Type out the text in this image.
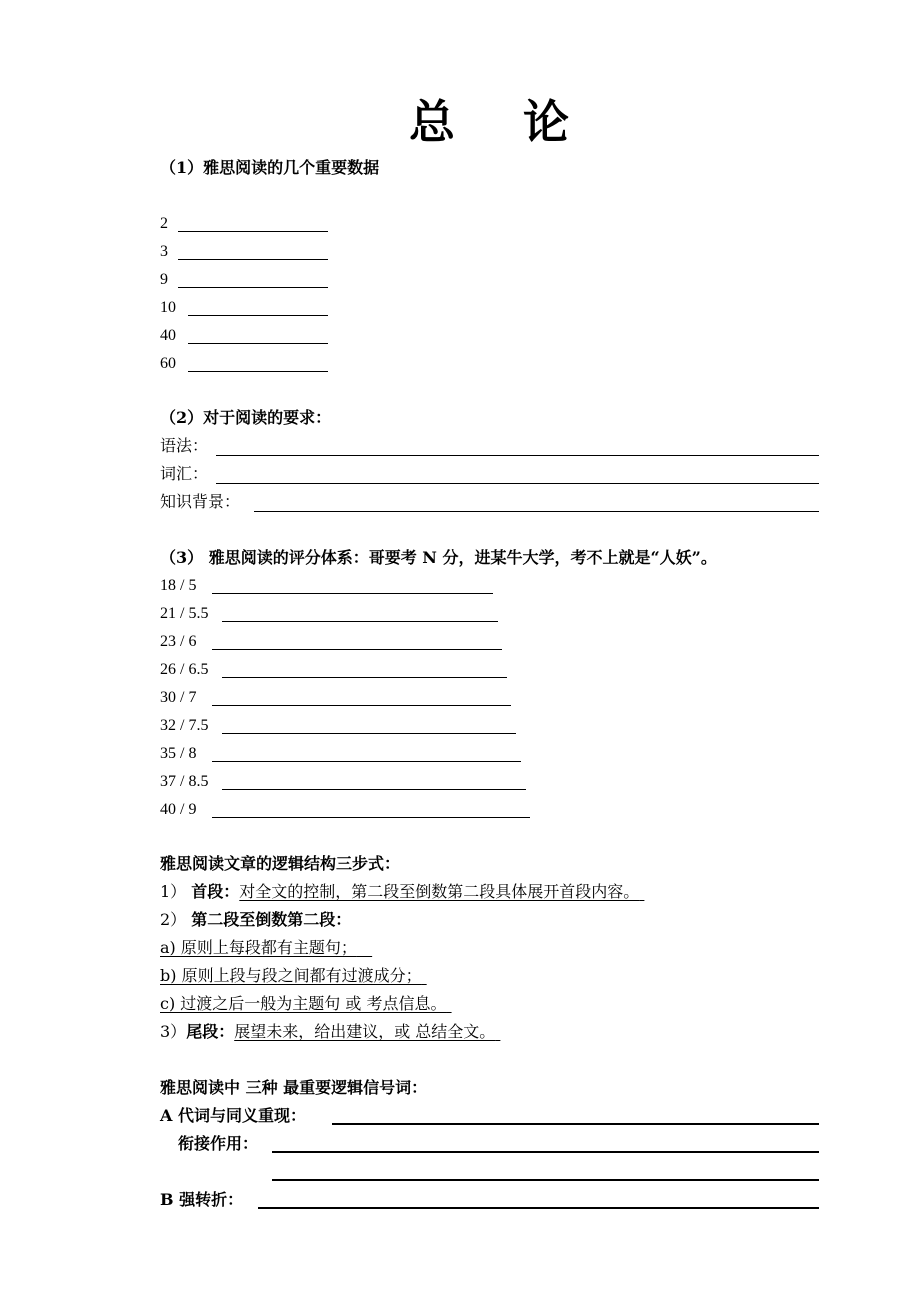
总 论
（1）雅思阅读的几个重要数据
2
3
9
10
40
60
（2）对于阅读的要求：
语法：
词汇：
知识背景：
（3） 雅思阅读的评分体系：哥要考 N 分，进某牛大学，考不上就是“人妖”。
18 / 5
21 / 5.5
23 / 6
26 / 6.5
30 / 7
32 / 7.5
35 / 8
37 / 8.5
40 / 9
雅思阅读文章的逻辑结构三步式：
1） 首段：对全文的控制，第二段至倒数第二段具体展开首段内容。
2） 第二段至倒数第二段：
a) 原则上每段都有主题句；
b) 原则上段与段之间都有过渡成分；
c) 过渡之后一般为主题句 或 考点信息。
3）尾段：展望未来，给出建议，或 总结全文。
雅思阅读中 三种 最重要逻辑信号词：
A 代词与同义重现：
衔接作用：
B 强转折：
